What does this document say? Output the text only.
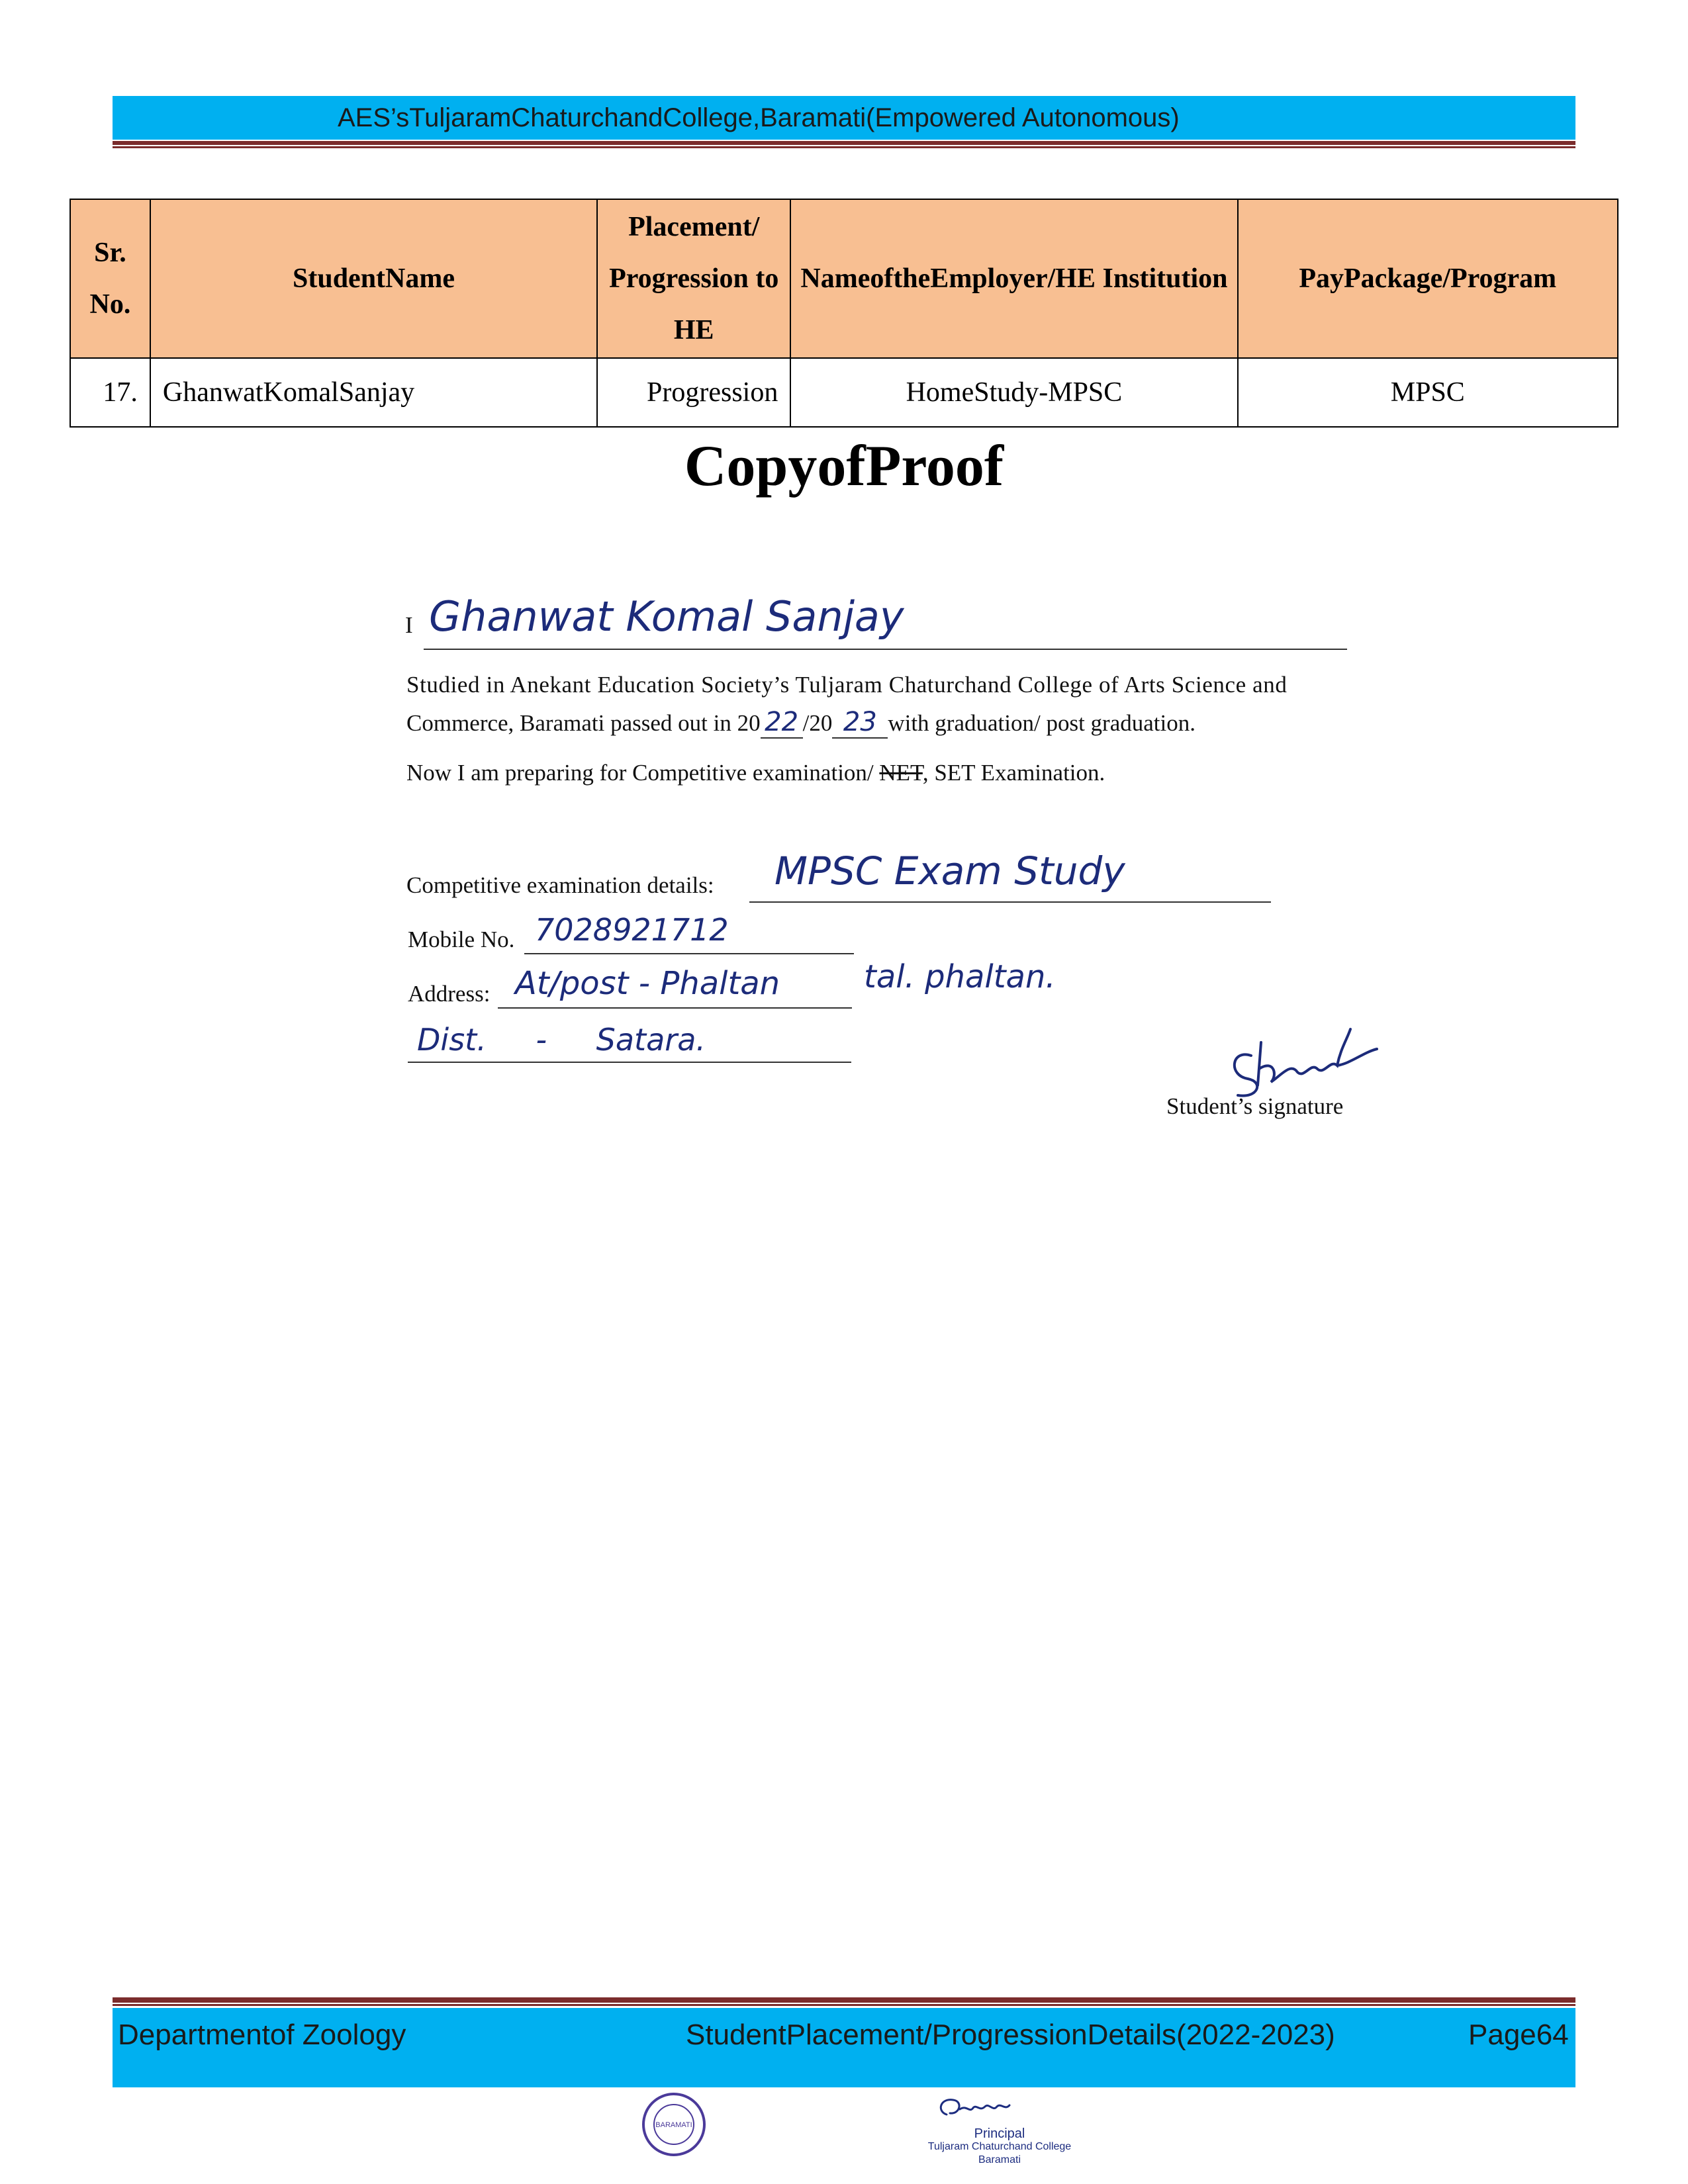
AES’sTuljaramChaturchandCollege,Baramati(Empowered Autonomous)
Sr. No.	StudentName	Placement/ Progression to HE	NameoftheEmployer/HE Institution	PayPackage/Program
17.	GhanwatKomalSanjay	Progression	HomeStudy-MPSC	MPSC
CopyofProof
I Ghanwat Komal Sanjay
Studied in Anekant Education Society’s Tuljaram Chaturchand College of Arts Science and
Commerce, Baramati passed out in 20 22 /20 23 with graduation/ post graduation.
Now I am preparing for Competitive examination/ NET, SET Examination.
Competitive examination details: MPSC Exam Study
Mobile No. 7028921712
Address: At/post - Phaltan	tal. phaltan.
Dist. - Satara.
Student’s signature
Departmentof Zoology	StudentPlacement/ProgressionDetails(2022-2023)	Page64
BARAMATI
Principal
Tuljaram Chaturchand College
Baramati
